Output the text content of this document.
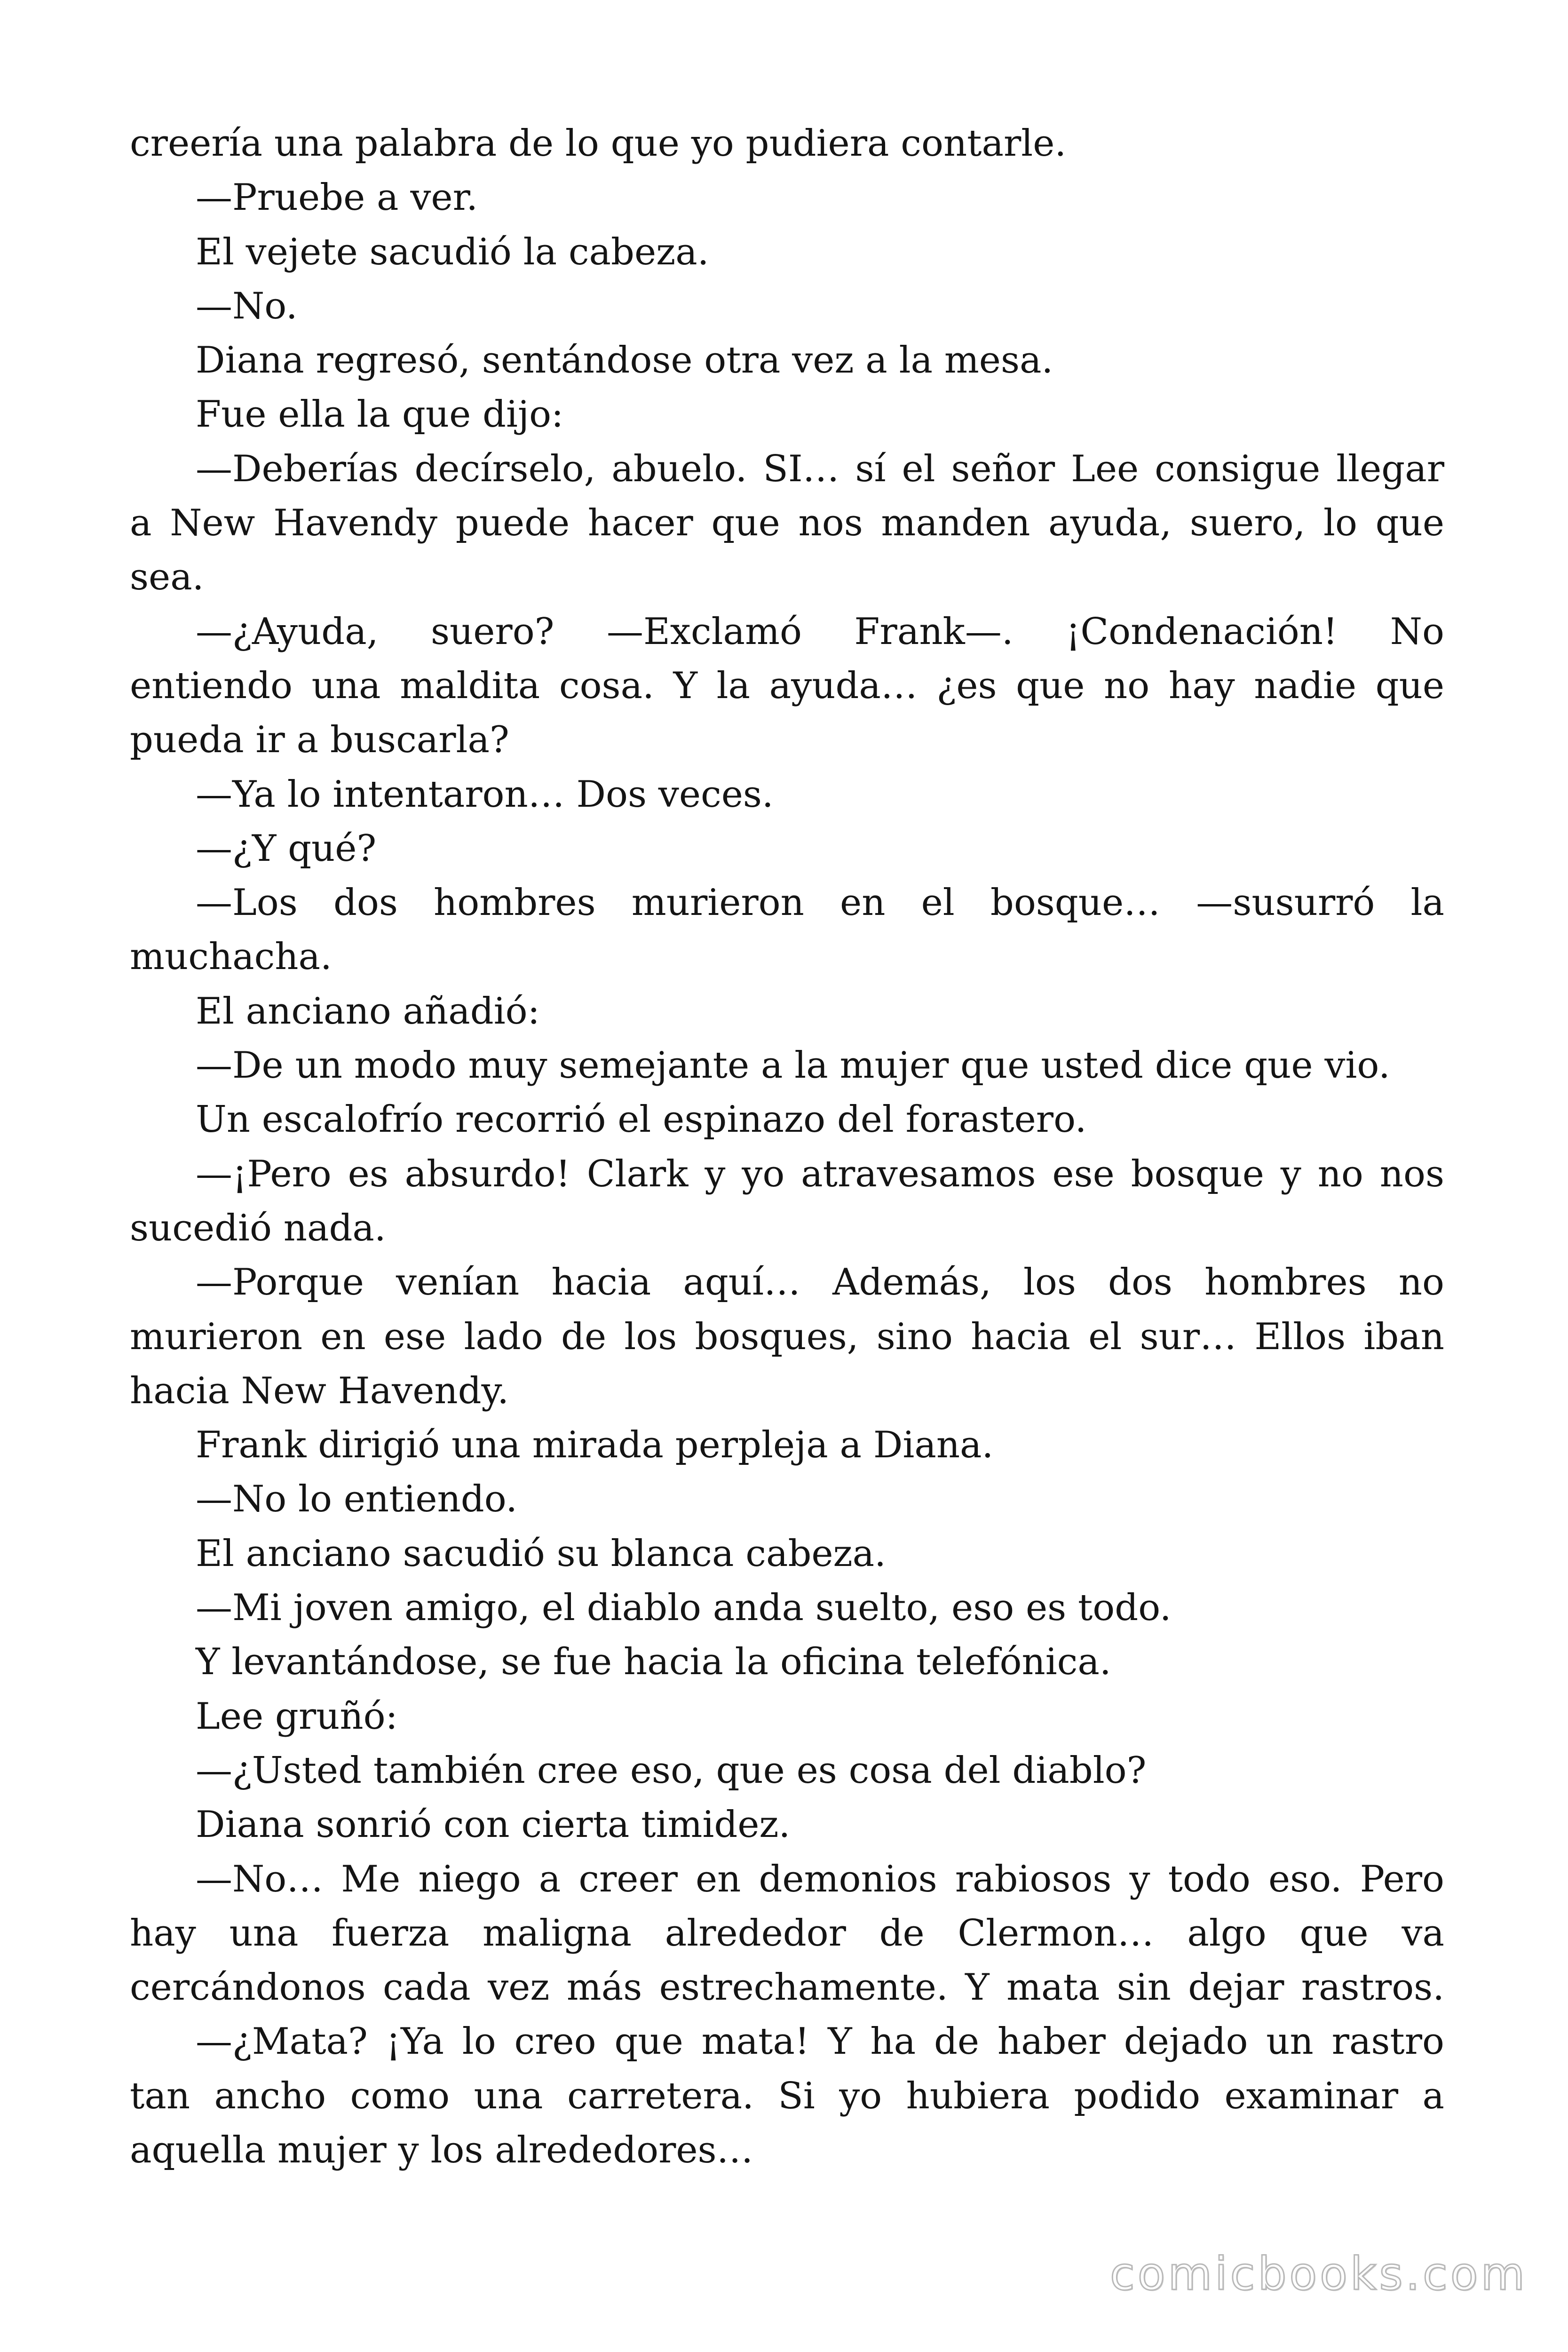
creería una palabra de lo que yo pudiera contarle.
—Pruebe a ver.
El vejete sacudió la cabeza.
—No.
Diana regresó, sentándose otra vez a la mesa.
Fue ella la que dijo:
—Deberías decírselo, abuelo. SI… sí el señor Lee consigue llegar
a New Havendy puede hacer que nos manden ayuda, suero, lo que
sea.
—¿Ayuda, suero? —Exclamó Frank—. ¡Condenación! No
entiendo una maldita cosa. Y la ayuda… ¿es que no hay nadie que
pueda ir a buscarla?
—Ya lo intentaron… Dos veces.
—¿Y qué?
—Los dos hombres murieron en el bosque… —susurró la
muchacha.
El anciano añadió:
—De un modo muy semejante a la mujer que usted dice que vio.
Un escalofrío recorrió el espinazo del forastero.
—¡Pero es absurdo! Clark y yo atravesamos ese bosque y no nos
sucedió nada.
—Porque venían hacia aquí… Además, los dos hombres no
murieron en ese lado de los bosques, sino hacia el sur… Ellos iban
hacia New Havendy.
Frank dirigió una mirada perpleja a Diana.
—No lo entiendo.
El anciano sacudió su blanca cabeza.
—Mi joven amigo, el diablo anda suelto, eso es todo.
Y levantándose, se fue hacia la oficina telefónica.
Lee gruñó:
—¿Usted también cree eso, que es cosa del diablo?
Diana sonrió con cierta timidez.
—No… Me niego a creer en demonios rabiosos y todo eso. Pero
hay una fuerza maligna alrededor de Clermon… algo que va
cercándonos cada vez más estrechamente. Y mata sin dejar rastros.
—¿Mata? ¡Ya lo creo que mata! Y ha de haber dejado un rastro
tan ancho como una carretera. Si yo hubiera podido examinar a
aquella mujer y los alrededores…
comicbooks.com
